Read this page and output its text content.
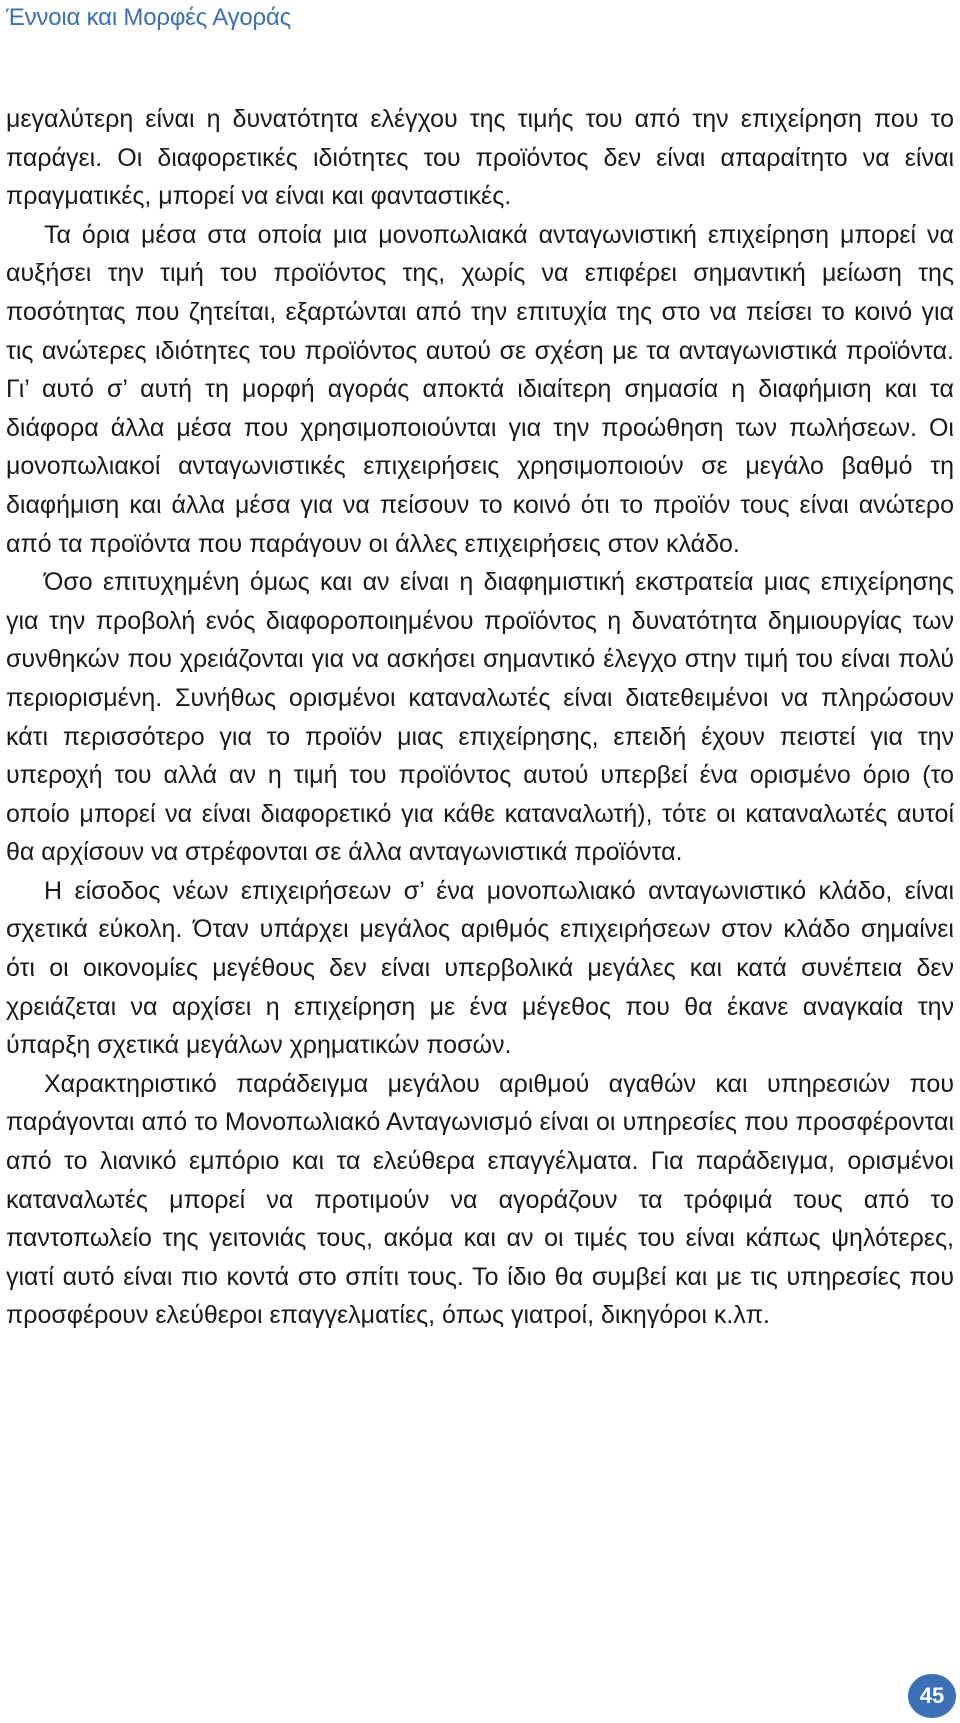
Έννοια και Μορφές Αγοράς

μεγαλύτερη είναι η δυνατότητα ελέγχου της τιμής του από την επιχείρηση που το παράγει. Οι διαφορετικές ιδιότητες του προϊόντος δεν είναι απαραίτητο να είναι πραγματικές, μπορεί να είναι και φανταστικές.

Τα όρια μέσα στα οποία μια μονοπωλιακά ανταγωνιστική επιχείρηση μπορεί να αυξήσει την τιμή του προϊόντος της, χωρίς να επιφέρει σημαντική μείωση της ποσότητας που ζητείται, εξαρτώνται από την επιτυχία της στο να πείσει το κοινό για τις ανώτερες ιδιότητες του προϊόντος αυτού σε σχέση με τα ανταγωνιστικά προϊόντα. Γι’ αυτό σ’ αυτή τη μορφή αγοράς αποκτά ιδιαίτερη σημασία η διαφήμιση και τα διάφορα άλλα μέσα που χρησιμοποιούνται για την προώθηση των πωλήσεων. Οι μονοπωλιακοί ανταγωνιστικές επιχειρήσεις χρησιμοποιούν σε μεγάλο βαθμό τη διαφήμιση και άλλα μέσα για να πείσουν το κοινό ότι το προϊόν τους είναι ανώτερο από τα προϊόντα που παράγουν οι άλλες επιχειρήσεις στον κλάδο.

Όσο επιτυχημένη όμως και αν είναι η διαφημιστική εκστρατεία μιας επιχείρησης για την προβολή ενός διαφοροποιημένου προϊόντος η δυνατότητα δημιουργίας των συνθηκών που χρειάζονται για να ασκήσει σημαντικό έλεγχο στην τιμή του είναι πολύ περιορισμένη. Συνήθως ορισμένοι καταναλωτές είναι διατεθειμένοι να πληρώσουν κάτι περισσότερο για το προϊόν μιας επιχείρησης, επειδή έχουν πειστεί για την υπεροχή του αλλά αν η τιμή του προϊόντος αυτού υπερβεί ένα ορισμένο όριο (το οποίο μπορεί να είναι διαφορετικό για κάθε καταναλωτή), τότε οι καταναλωτές αυτοί θα αρχίσουν να στρέφονται σε άλλα ανταγωνιστικά προϊόντα.

Η είσοδος νέων επιχειρήσεων σ’ ένα μονοπωλιακό ανταγωνιστικό κλάδο, είναι σχετικά εύκολη. Όταν υπάρχει μεγάλος αριθμός επιχειρήσεων στον κλάδο σημαίνει ότι οι οικονομίες μεγέθους δεν είναι υπερβολικά μεγάλες και κατά συνέπεια δεν χρειάζεται να αρχίσει η επιχείρηση με ένα μέγεθος που θα έκανε αναγκαία την ύπαρξη σχετικά μεγάλων χρηματικών ποσών.

Χαρακτηριστικό παράδειγμα μεγάλου αριθμού αγαθών και υπηρεσιών που παράγονται από το Μονοπωλιακό Ανταγωνισμό είναι οι υπηρεσίες που προσφέρονται από το λιανικό εμπόριο και τα ελεύθερα επαγγέλματα. Για παράδειγμα, ορισμένοι καταναλωτές μπορεί να προτιμούν να αγοράζουν τα τρόφιμά τους από το παντοπωλείο της γειτονιάς τους, ακόμα και αν οι τιμές του είναι κάπως ψηλότερες, γιατί αυτό είναι πιο κοντά στο σπίτι τους. Το ίδιο θα συμβεί και με τις υπηρεσίες που προσφέρουν ελεύθεροι επαγγελματίες, όπως γιατροί, δικηγόροι κ.λπ.

45
